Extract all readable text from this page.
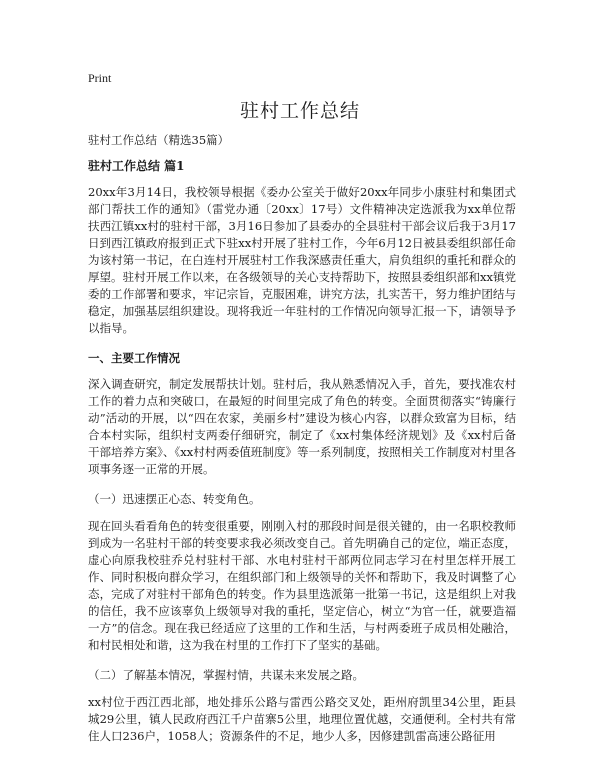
Print
驻村工作总结

驻村工作总结（精选35篇）

驻村工作总结 篇1

20xx年3月14日，我校领导根据《委办公室关于做好20xx年同步小康驻村和集团式部门帮扶工作的通知》（雷党办通〔20xx〕17号）文件精神决定选派我为xx单位帮扶西江镇xx村的驻村干部，3月16日参加了县委办的全县驻村干部会议后我于3月17日到西江镇政府报到正式下驻xx村开展了驻村工作，今年6月12日被县委组织部任命为该村第一书记，在白连村开展驻村工作我深感责任重大，肩负组织的重托和群众的厚望。驻村开展工作以来，在各级领导的关心支持帮助下，按照县委组织部和xx镇党委的工作部署和要求，牢记宗旨，克服困难，讲究方法，扎实苦干，努力维护团结与稳定，加强基层组织建设。现将我近一年驻村的工作情况向领导汇报一下，请领导予以指导。

一、主要工作情况

深入调查研究，制定发展帮扶计划。驻村后，我从熟悉情况入手，首先，要找准农村工作的着力点和突破口，在最短的时间里完成了角色的转变。全面贯彻落实“铸廉行动”活动的开展，以“四在农家，美丽乡村”建设为核心内容，以群众致富为目标，结合本村实际，组织村支两委仔细研究，制定了《xx村集体经济规划》及《xx村后备干部培养方案》、《xx村村两委值班制度》等一系列制度，按照相关工作制度对村里各项事务逐一正常的开展。

（一）迅速摆正心态、转变角色。

现在回头看看角色的转变很重要，刚刚入村的那段时间是很关键的，由一名职校教师到成为一名驻村干部的转变要求我必须改变自己。首先明确自己的定位，端正态度，虚心向原我校驻乔兑村驻村干部、水电村驻村干部两位同志学习在村里怎样开展工作、同时积极向群众学习，在组织部门和上级领导的关怀和帮助下，我及时调整了心态，完成了对驻村干部角色的转变。作为县里选派第一批第一书记，这是组织上对我的信任，我不应该辜负上级领导对我的重托，坚定信心，树立“为官一任，就要造福一方”的信念。现在我已经适应了这里的工作和生活，与村两委班子成员相处融洽，和村民相处和谐，这为我在村里的工作打下了坚实的基础。

（二）了解基本情况，掌握村情，共谋未来发展之路。

xx村位于西江西北部，地处排乐公路与雷西公路交叉处，距州府凯里34公里，距县城29公里，镇人民政府西江千户苗寨5公里，地理位置优越，交通便利。全村共有常住人口236户，1058人；资源条件的不足，地少人多，因修建凯雷高速公路征用
